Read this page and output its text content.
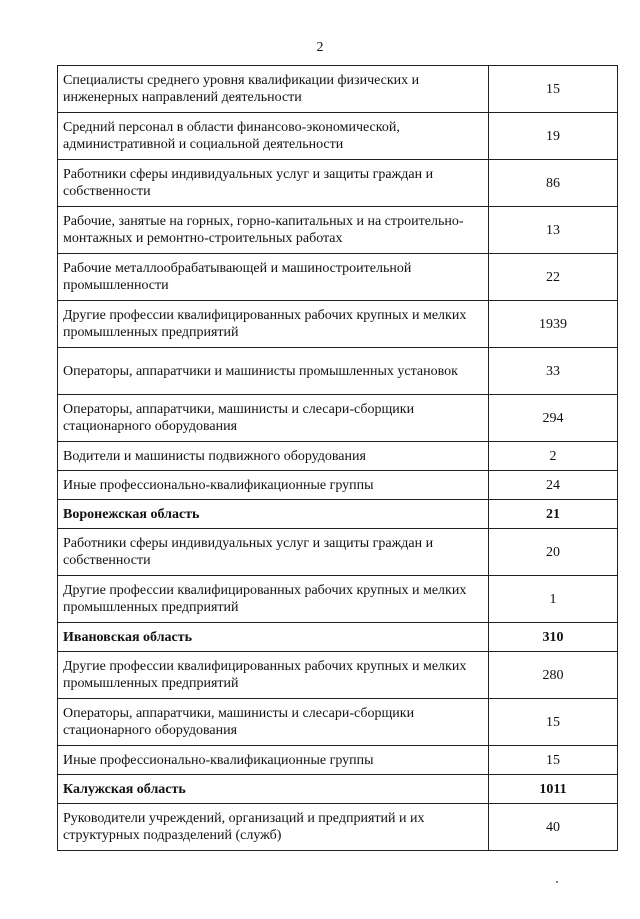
2
Специалисты среднего уровня квалификации физических и инженерных направлений деятельности	15
Средний персонал в области финансово-экономической, административной и социальной деятельности	19
Работники сферы индивидуальных услуг и защиты граждан и собственности	86
Рабочие, занятые на горных, горно-капитальных и на строительно-монтажных и ремонтно-строительных работах	13
Рабочие металлообрабатывающей и машиностроительной промышленности	22
Другие профессии квалифицированных рабочих крупных и мелких промышленных предприятий	1939
Операторы, аппаратчики и машинисты промышленных установок	33
Операторы, аппаратчики, машинисты и слесари-сборщики стационарного оборудования	294
Водители и машинисты подвижного оборудования	2
Иные профессионально-квалификационные группы	24
Воронежская область	21
Работники сферы индивидуальных услуг и защиты граждан и собственности	20
Другие профессии квалифицированных рабочих крупных и мелких промышленных предприятий	1
Ивановская область	310
Другие профессии квалифицированных рабочих крупных и мелких промышленных предприятий	280
Операторы, аппаратчики, машинисты и слесари-сборщики стационарного оборудования	15
Иные профессионально-квалификационные группы	15
Калужская область	1011
Руководители учреждений, организаций и предприятий и их структурных подразделений (служб)	40
